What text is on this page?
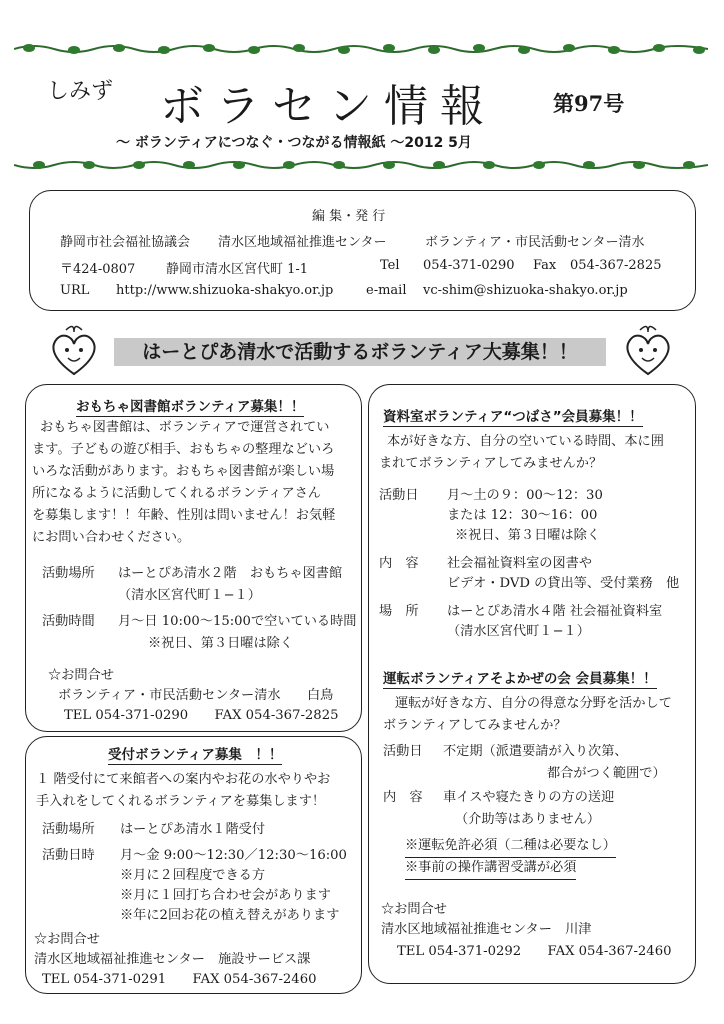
しみず ボラセン情報	第97号
～ ボランティアにつなぐ・つながる情報紙 ～2012 5月
編 集・発 行
静岡市社会福祉協議会 清水区地域福祉推進センター	ボランティア・市民活動センター清水
〒424-0807 静岡市清水区宮代町 1-1	Tel 054-371-0290 Fax 054-367-2825
URL http://www.shizuoka-shakyo.or.jp	e-mail vc-shim@shizuoka-shakyo.or.jp
はーとぴあ清水で活動するボランティア大募集！！
おもちゃ図書館ボランティア募集！！
おもちゃ図書館は、ボランティアで運営されてい
ます。子どもの遊び相手、おもちゃの整理などいろ
いろな活動があります。おもちゃ図書館が楽しい場
所になるように活動してくれるボランティアさん
を募集します！！年齢、性別は問いません！お気軽
にお問い合わせください。
活動場所 はーとぴあ清水２階　おもちゃ図書館
（清水区宮代町１−１）
活動時間 月～日 10:00～15:00で空いている時間
※祝日、第３日曜は除く
☆お問合せ
ボランティア・市民活動センター清水　　白鳥
TEL 054-371-0290　　FAX 054-367-2825
受付ボランティア募集　！！
１ 階受付にて来館者への案内やお花の水やりやお
手入れをしてくれるボランティアを募集します！
活動場所 はーとぴあ清水１階受付
活動日時 月～金 9:00～12:30／12:30～16:00
※月に２回程度できる方
※月に１回打ち合わせ会があります
※年に2回お花の植え替えがあります
☆お問合せ
清水区地域福祉推進センター　施設サービス課
TEL 054-371-0291　　FAX 054-367-2460
資料室ボランティア“つばさ”会員募集！！
本が好きな方、自分の空いている時間、本に囲
まれてボランティアしてみませんか？
活動日 月～土の９：00～12：30
または 12：30～16：00
※祝日、第３日曜は除く
内　容 社会福祉資料室の図書や
ビデオ・DVD の貸出等、受付業務　他
場　所 はーとぴあ清水４階 社会福祉資料室
（清水区宮代町１−１）
運転ボランティアそよかぜの会 会員募集！！
運転が好きな方、自分の得意な分野を活かして
ボランティアしてみませんか？
活動日 不定期（派遣要請が入り次第、
都合がつく範囲で）
内　容 車イスや寝たきりの方の送迎
（介助等はありません）
※運転免許必須（二種は必要なし）
※事前の操作講習受講が必須
☆お問合せ
清水区地域福祉推進センター　川津
TEL 054-371-0292　　FAX 054-367-2460
